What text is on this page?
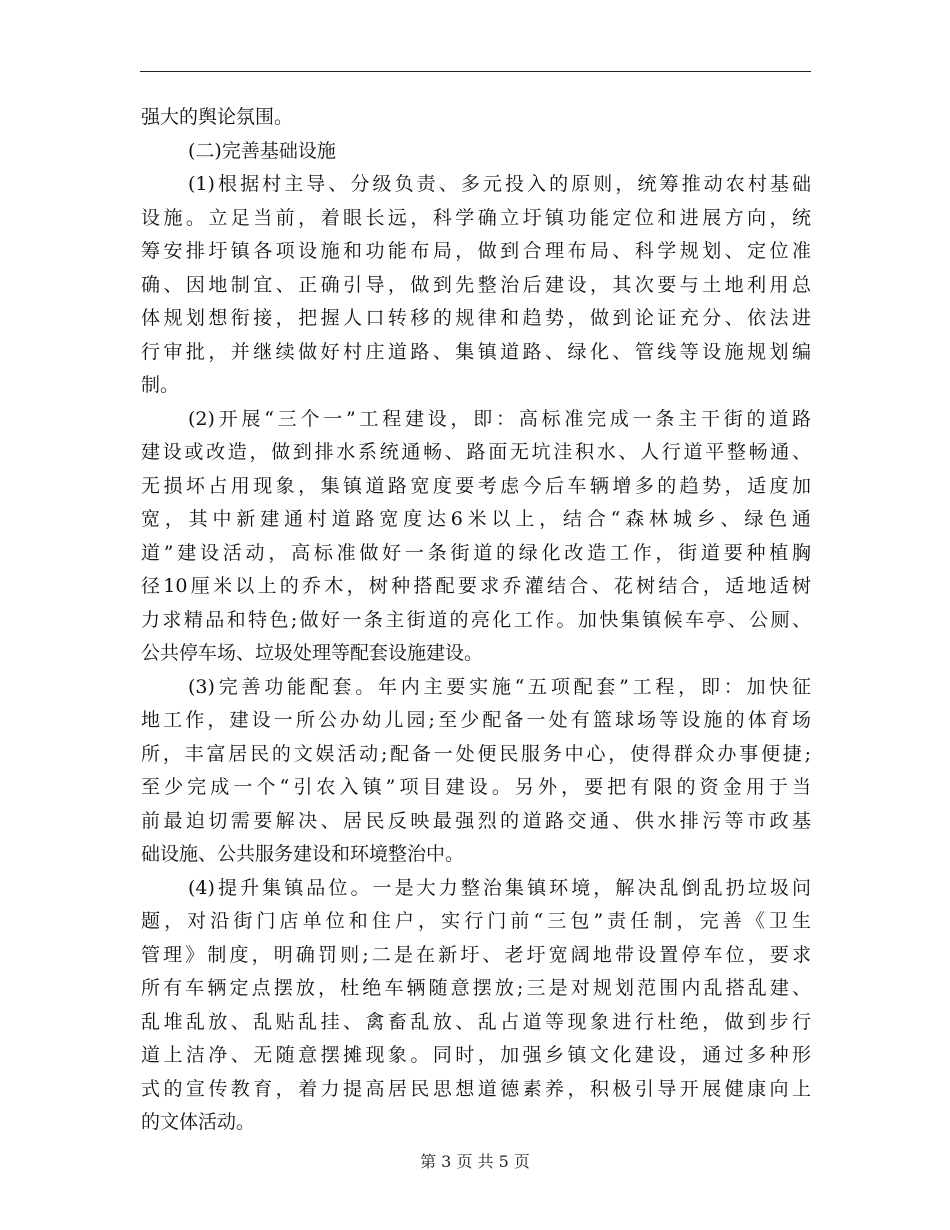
强大的舆论氛围。
(二)完善基础设施
(1)根据村主导、分级负责、多元投入的原则，统筹推动农村基础
设施。立足当前，着眼长远，科学确立圩镇功能定位和进展方向，统
筹安排圩镇各项设施和功能布局，做到合理布局、科学规划、定位准
确、因地制宜、正确引导，做到先整治后建设，其次要与土地利用总
体规划想衔接，把握人口转移的规律和趋势，做到论证充分、依法进
行审批，并继续做好村庄道路、集镇道路、绿化、管线等设施规划编
制。
(2)开展“三个一”工程建设，即：高标准完成一条主干街的道路
建设或改造，做到排水系统通畅、路面无坑洼积水、人行道平整畅通、
无损坏占用现象，集镇道路宽度要考虑今后车辆增多的趋势，适度加
宽，其中新建通村道路宽度达6米以上，结合“森林城乡、绿色通
道”建设活动，高标准做好一条街道的绿化改造工作，街道要种植胸
径10厘米以上的乔木，树种搭配要求乔灌结合、花树结合，适地适树
力求精品和特色;做好一条主街道的亮化工作。加快集镇候车亭、公厕、
公共停车场、垃圾处理等配套设施建设。
(3)完善功能配套。年内主要实施“五项配套”工程，即：加快征
地工作，建设一所公办幼儿园;至少配备一处有篮球场等设施的体育场
所，丰富居民的文娱活动;配备一处便民服务中心，使得群众办事便捷;
至少完成一个“引农入镇”项目建设。另外，要把有限的资金用于当
前最迫切需要解决、居民反映最强烈的道路交通、供水排污等市政基
础设施、公共服务建设和环境整治中。
(4)提升集镇品位。一是大力整治集镇环境，解决乱倒乱扔垃圾问
题，对沿街门店单位和住户，实行门前“三包”责任制，完善《卫生
管理》制度，明确罚则;二是在新圩、老圩宽阔地带设置停车位，要求
所有车辆定点摆放，杜绝车辆随意摆放;三是对规划范围内乱搭乱建、
乱堆乱放、乱贴乱挂、禽畜乱放、乱占道等现象进行杜绝，做到步行
道上洁净、无随意摆摊现象。同时，加强乡镇文化建设，通过多种形
式的宣传教育，着力提高居民思想道德素养，积极引导开展健康向上
的文体活动。
第 3 页 共 5 页
